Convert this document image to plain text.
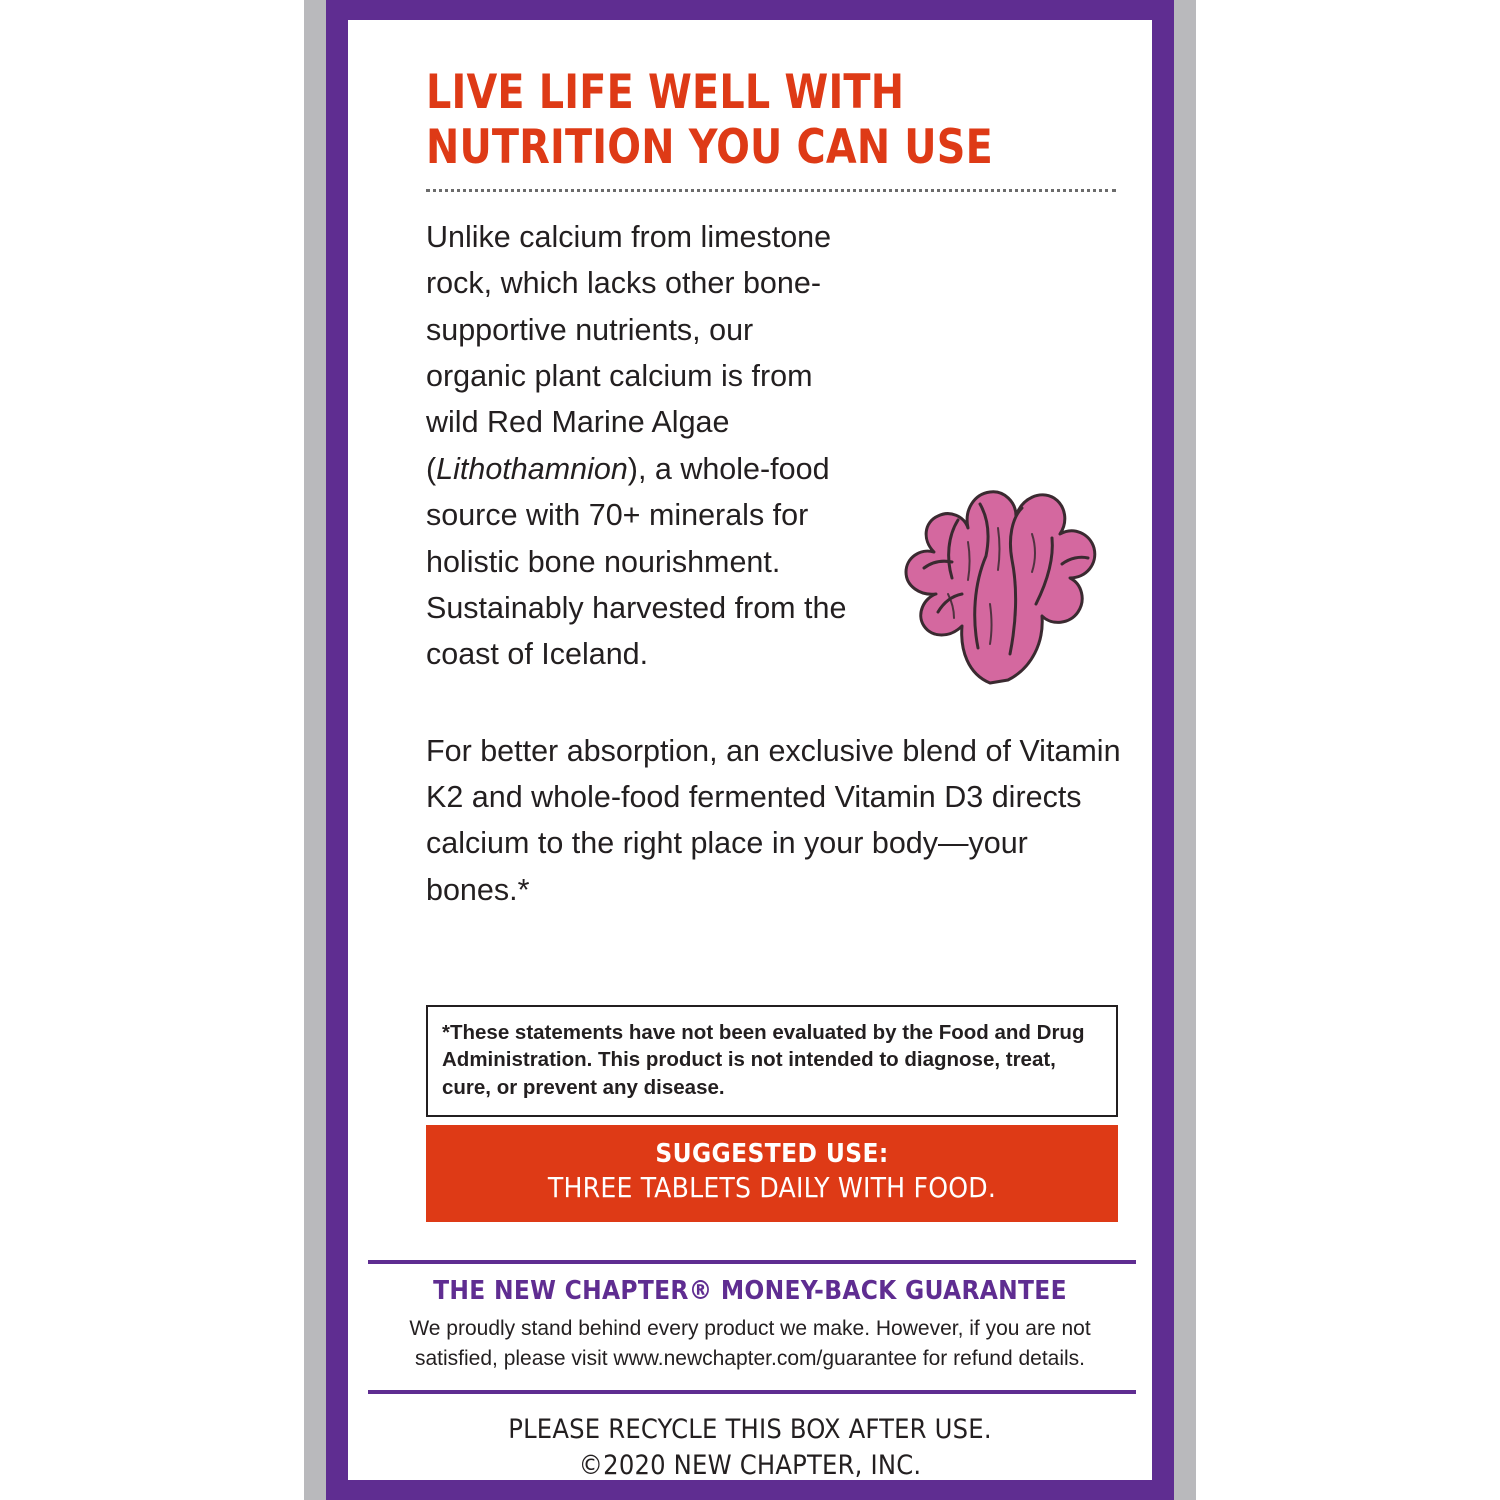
LIVE LIFE WELL WITH NUTRITION YOU CAN USE

Unlike calcium from limestone rock, which lacks other bone-supportive nutrients, our organic plant calcium is from wild Red Marine Algae (Lithothamnion), a whole-food source with 70+ minerals for holistic bone nourishment. Sustainably harvested from the coast of Iceland.

For better absorption, an exclusive blend of Vitamin K2 and whole-food fermented Vitamin D3 directs calcium to the right place in your body—your bones.*

*These statements have not been evaluated by the Food and Drug Administration. This product is not intended to diagnose, treat, cure, or prevent any disease.
SUGGESTED USE:
THREE TABLETS DAILY WITH FOOD.
THE NEW CHAPTER® MONEY-BACK GUARANTEE
We proudly stand behind every product we make. However, if you are not satisfied, please visit www.newchapter.com/guarantee for refund details.
PLEASE RECYCLE THIS BOX AFTER USE.
©2020 NEW CHAPTER, INC.
